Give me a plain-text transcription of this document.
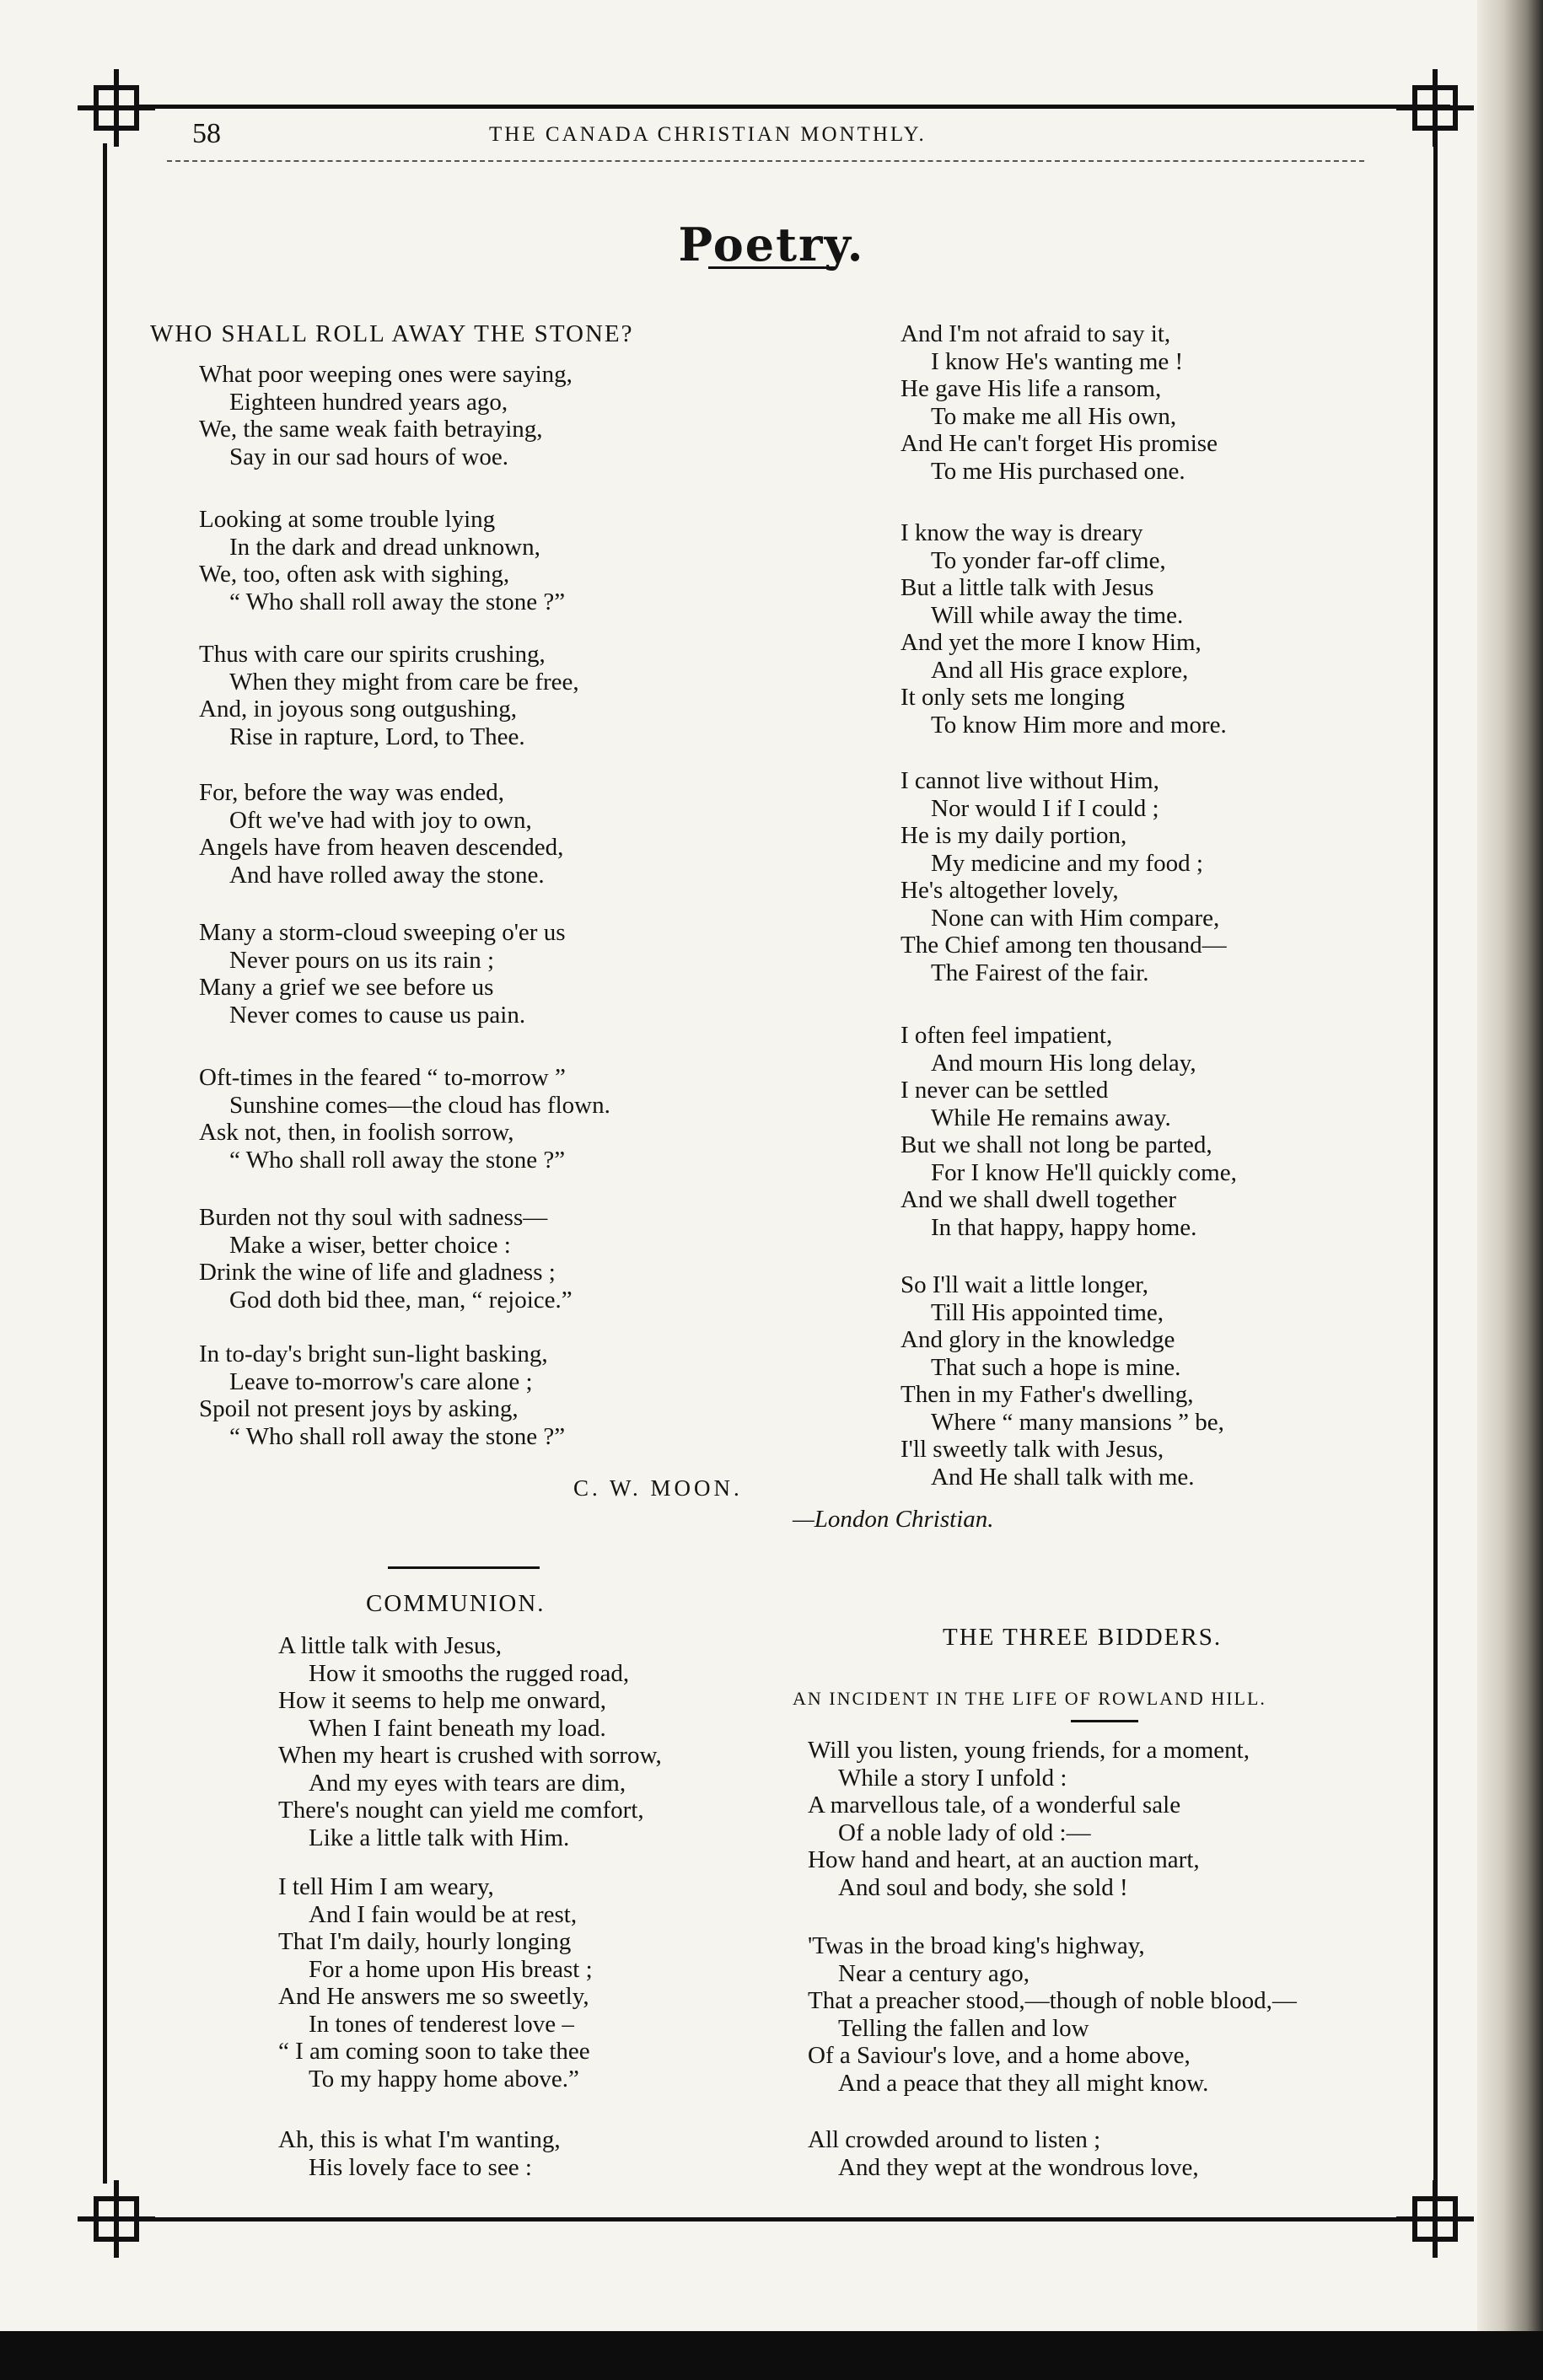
58	THE CANADA CHRISTIAN MONTHLY.
Poetry.
WHO SHALL ROLL AWAY THE STONE?
What poor weeping ones were saying,
Eighteen hundred years ago,
We, the same weak faith betraying,
Say in our sad hours of woe.
Looking at some trouble lying
In the dark and dread unknown,
We, too, often ask with sighing,
“ Who shall roll away the stone ?”
Thus with care our spirits crushing,
When they might from care be free,
And, in joyous song outgushing,
Rise in rapture, Lord, to Thee.
For, before the way was ended,
Oft we've had with joy to own,
Angels have from heaven descended,
And have rolled away the stone.
Many a storm-cloud sweeping o'er us
Never pours on us its rain ;
Many a grief we see before us
Never comes to cause us pain.
Oft-times in the feared “ to-morrow ”
Sunshine comes—the cloud has flown.
Ask not, then, in foolish sorrow,
“ Who shall roll away the stone ?”
Burden not thy soul with sadness—
Make a wiser, better choice :
Drink the wine of life and gladness ;
God doth bid thee, man, “ rejoice.”
In to-day's bright sun-light basking,
Leave to-morrow's care alone ;
Spoil not present joys by asking,
“ Who shall roll away the stone ?”
C. W. MOON.
COMMUNION.
A little talk with Jesus,
How it smooths the rugged road,
How it seems to help me onward,
When I faint beneath my load.
When my heart is crushed with sorrow,
And my eyes with tears are dim,
There's nought can yield me comfort,
Like a little talk with Him.
I tell Him I am weary,
And I fain would be at rest,
That I'm daily, hourly longing
For a home upon His breast ;
And He answers me so sweetly,
In tones of tenderest love –
“ I am coming soon to take thee
To my happy home above.”
Ah, this is what I'm wanting,
His lovely face to see :
And I'm not afraid to say it,
I know He's wanting me !
He gave His life a ransom,
To make me all His own,
And He can't forget His promise
To me His purchased one.
I know the way is dreary
To yonder far-off clime,
But a little talk with Jesus
Will while away the time.
And yet the more I know Him,
And all His grace explore,
It only sets me longing
To know Him more and more.
I cannot live without Him,
Nor would I if I could ;
He is my daily portion,
My medicine and my food ;
He's altogether lovely,
None can with Him compare,
The Chief among ten thousand—
The Fairest of the fair.
I often feel impatient,
And mourn His long delay,
I never can be settled
While He remains away.
But we shall not long be parted,
For I know He'll quickly come,
And we shall dwell together
In that happy, happy home.
So I'll wait a little longer,
Till His appointed time,
And glory in the knowledge
That such a hope is mine.
Then in my Father's dwelling,
Where “ many mansions ” be,
I'll sweetly talk with Jesus,
And He shall talk with me.
—London Christian.
THE THREE BIDDERS.
AN INCIDENT IN THE LIFE OF ROWLAND HILL.
Will you listen, young friends, for a moment,
While a story I unfold :
A marvellous tale, of a wonderful sale
Of a noble lady of old :—
How hand and heart, at an auction mart,
And soul and body, she sold !
'Twas in the broad king's highway,
Near a century ago,
That a preacher stood,—though of noble blood,—
Telling the fallen and low
Of a Saviour's love, and a home above,
And a peace that they all might know.
All crowded around to listen ;
And they wept at the wondrous love,
